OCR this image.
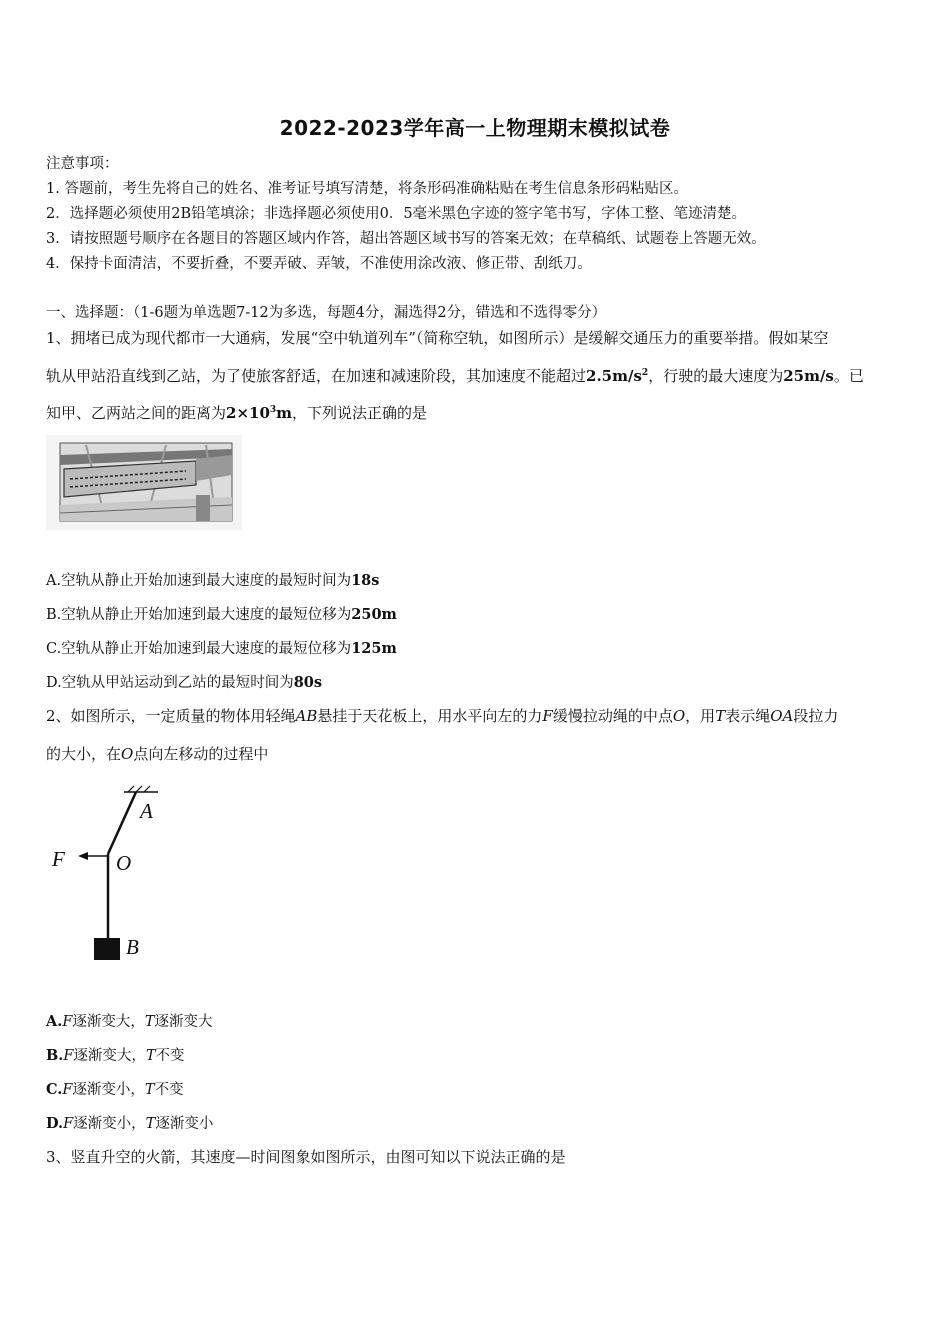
2022-2023学年高一上物理期末模拟试卷
注意事项：
1. 答题前，考生先将自己的姓名、准考证号填写清楚，将条形码准确粘贴在考生信息条形码粘贴区。
2．选择题必须使用2B铅笔填涂；非选择题必须使用0．5毫米黑色字迹的签字笔书写，字体工整、笔迹清楚。
3．请按照题号顺序在各题目的答题区域内作答，超出答题区域书写的答案无效；在草稿纸、试题卷上答题无效。
4．保持卡面清洁，不要折叠，不要弄破、弄皱，不准使用涂改液、修正带、刮纸刀。
一、选择题：（1-6题为单选题7-12为多选，每题4分，漏选得2分，错选和不选得零分）
1、拥堵已成为现代都市一大通病，发展“空中轨道列车”（简称空轨，如图所示）是缓解交通压力的重要举措。假如某空
轨从甲站沿直线到乙站，为了使旅客舒适，在加速和减速阶段，其加速度不能超过$2.5m/s^2$，行驶的最大速度为25m/s。已
知甲、乙两站之间的距离为$2\times 10^3m$，下列说法正确的是
A.空轨从静止开始加速到最大速度的最短时间为18s
B.空轨从静止开始加速到最大速度的最短位移为250m
C.空轨从静止开始加速到最大速度的最短位移为125m
D.空轨从甲站运动到乙站的最短时间为80s
2、如图所示，一定质量的物体用轻绳AB悬挂于天花板上，用水平向左的力F缓慢拉动绳的中点O，用T表示绳OA段拉力
的大小，在O点向左移动的过程中
A
F O
B
A.F逐渐变大，T逐渐变大
B.F逐渐变大，T不变
C.F逐渐变小，T不变
D.F逐渐变小，T逐渐变小
3、竖直升空的火箭，其速度—时间图象如图所示，由图可知以下说法正确的是
